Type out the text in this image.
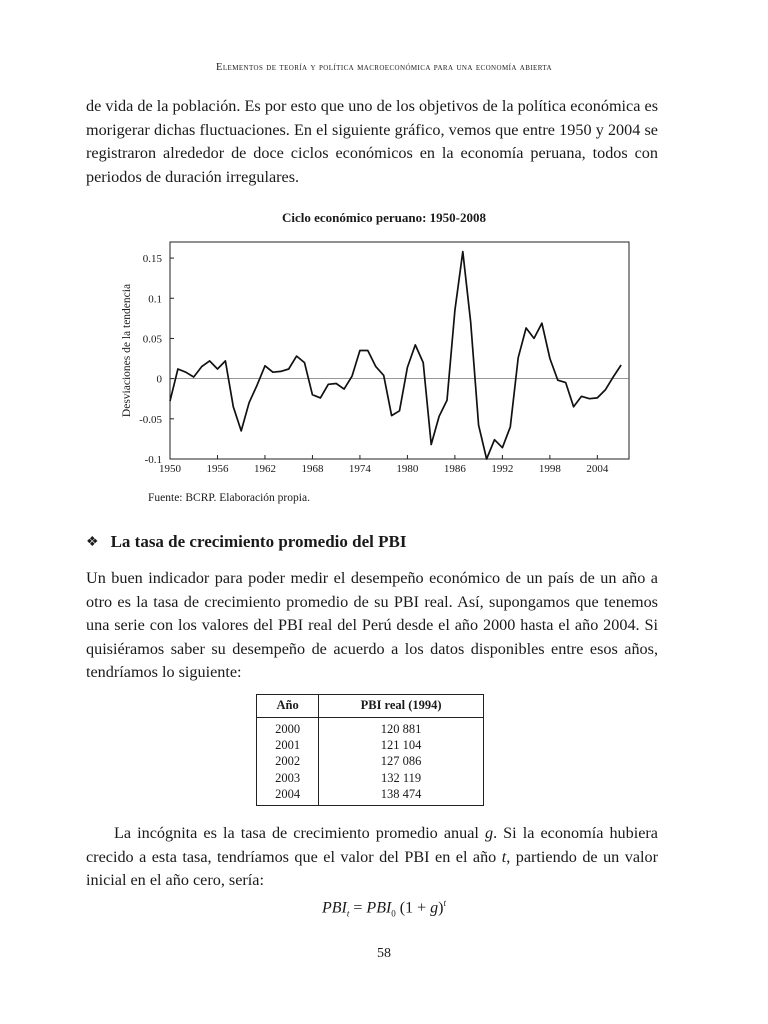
Elementos de teoría y política macroeconómica para una economía abierta

de vida de la población. Es por esto que uno de los objetivos de la política económica es morigerar dichas fluctuaciones. En el siguiente gráfico, vemos que entre 1950 y 2004 se registraron alrededor de doce ciclos económicos en la economía peruana, todos con periodos de duración irregulares.

Ciclo económico peruano: 1950-2008
-0.1
-0.05
0
0.05
0.1
0.15
1950 1956 1962 1968 1974 1980 1986 1992 1998 2004
Desviaciones de la tendencia
Fuente: BCRP. Elaboración propia.
❖ La tasa de crecimiento promedio del PBI

Un buen indicador para poder medir el desempeño económico de un país de un año a otro es la tasa de crecimiento promedio de su PBI real. Así, supongamos que tenemos una serie con los valores del PBI real del Perú desde el año 2000 hasta el año 2004. Si quisiéramos saber su desempeño de acuerdo a los datos disponibles entre esos años, tendríamos lo siguiente:

Año	PBI real (1994)
2000	120 881
2001	121 104
2002	127 086
2003	132 119
2004	138 474

La incógnita es la tasa de crecimiento promedio anual g. Si la economía hubiera crecido a esta tasa, tendríamos que el valor del PBI en el año t, partiendo de un valor inicial en el año cero, sería:

$PBI_t = PBI_0$ $(1 + g)^t$
58
